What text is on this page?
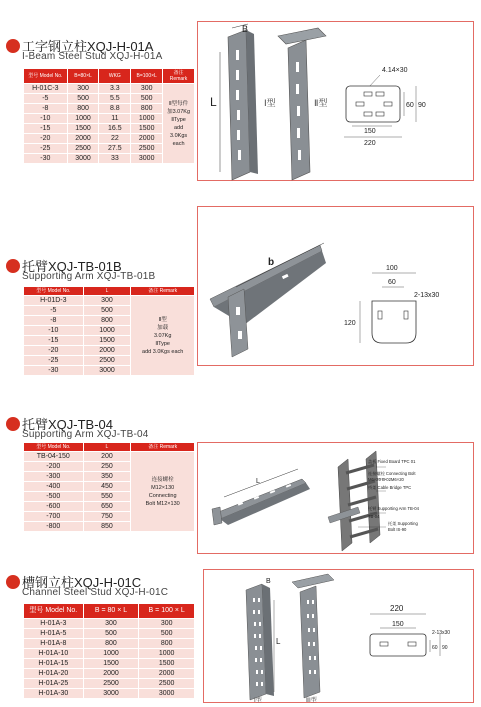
工字钢立柱XQJ-H-01A
I-Beam Steel Stud XQJ-H-01A
型号 Model No.	B=80×L	WKG	B=100×L	备注 Remark
H-01C-3	300	3.3	300	Ⅱ型每件
加3.07Kg
ⅡType
add 3.0Kgs
each

-5	500	5.5	500	
-8	800	8.8	800	
-10	1000	11	1000	
-15	1500	16.5	1500	
-20	2000	22	2000	
-25	2500	27.5	2500	
-30	3000	33	3000	
B
L	Ⅰ型	Ⅱ型
4.14×30
60 90
150
220
托臂XQJ-TB-01B
Supporting Arm XQJ-TB-01B
型号 Model No.	L	备注 Remark
H-01D-3	300	Ⅱ型
加载
3.07Kg
ⅡType
add 3.0Kgs each

-5	500	
-8	800	
-10	1000	
-15	1500	
-20	2000	
-25	2500	
-30	3000	
b
100
60
2-13x30
120
托臂XQJ-TB-04
Supporting Arm XQJ-TB-04
型号 Model No.	L	备注 Remark
TB-04-150	200	连接螺栓
M12×130
Connecting
Bolt M12×130

-200	250	
-300	350	
-400	450	
-500	550	
-600	650	
-700	750	
-800	850	
L
盖板 Fixed Board TPC 01
连接螺栓 Connecting Bolt
M6×20 B-02M6×20
桥架 Cable Bridge TPC
托臂 Supporting Arm TB-04
TB-04
托架 Supporting
Bolt IS-90
槽钢立柱XQJ-H-01C
Channel Steel Stud XQJ-H-01C
型号 Model No.	B = 80 × L	B = 100 × L
H-01A-3	300	300
H-01A-5	500	500
H-01A-8	800	800
H-01A-10	1000	1000
H-01A-15	1500	1500
H-01A-20	2000	2000
H-01A-25	2500	2500
H-01A-30	3000	3000
B
L
Ⅰ型	ⅡⅠ型
220
150
2-13x30
60 90
